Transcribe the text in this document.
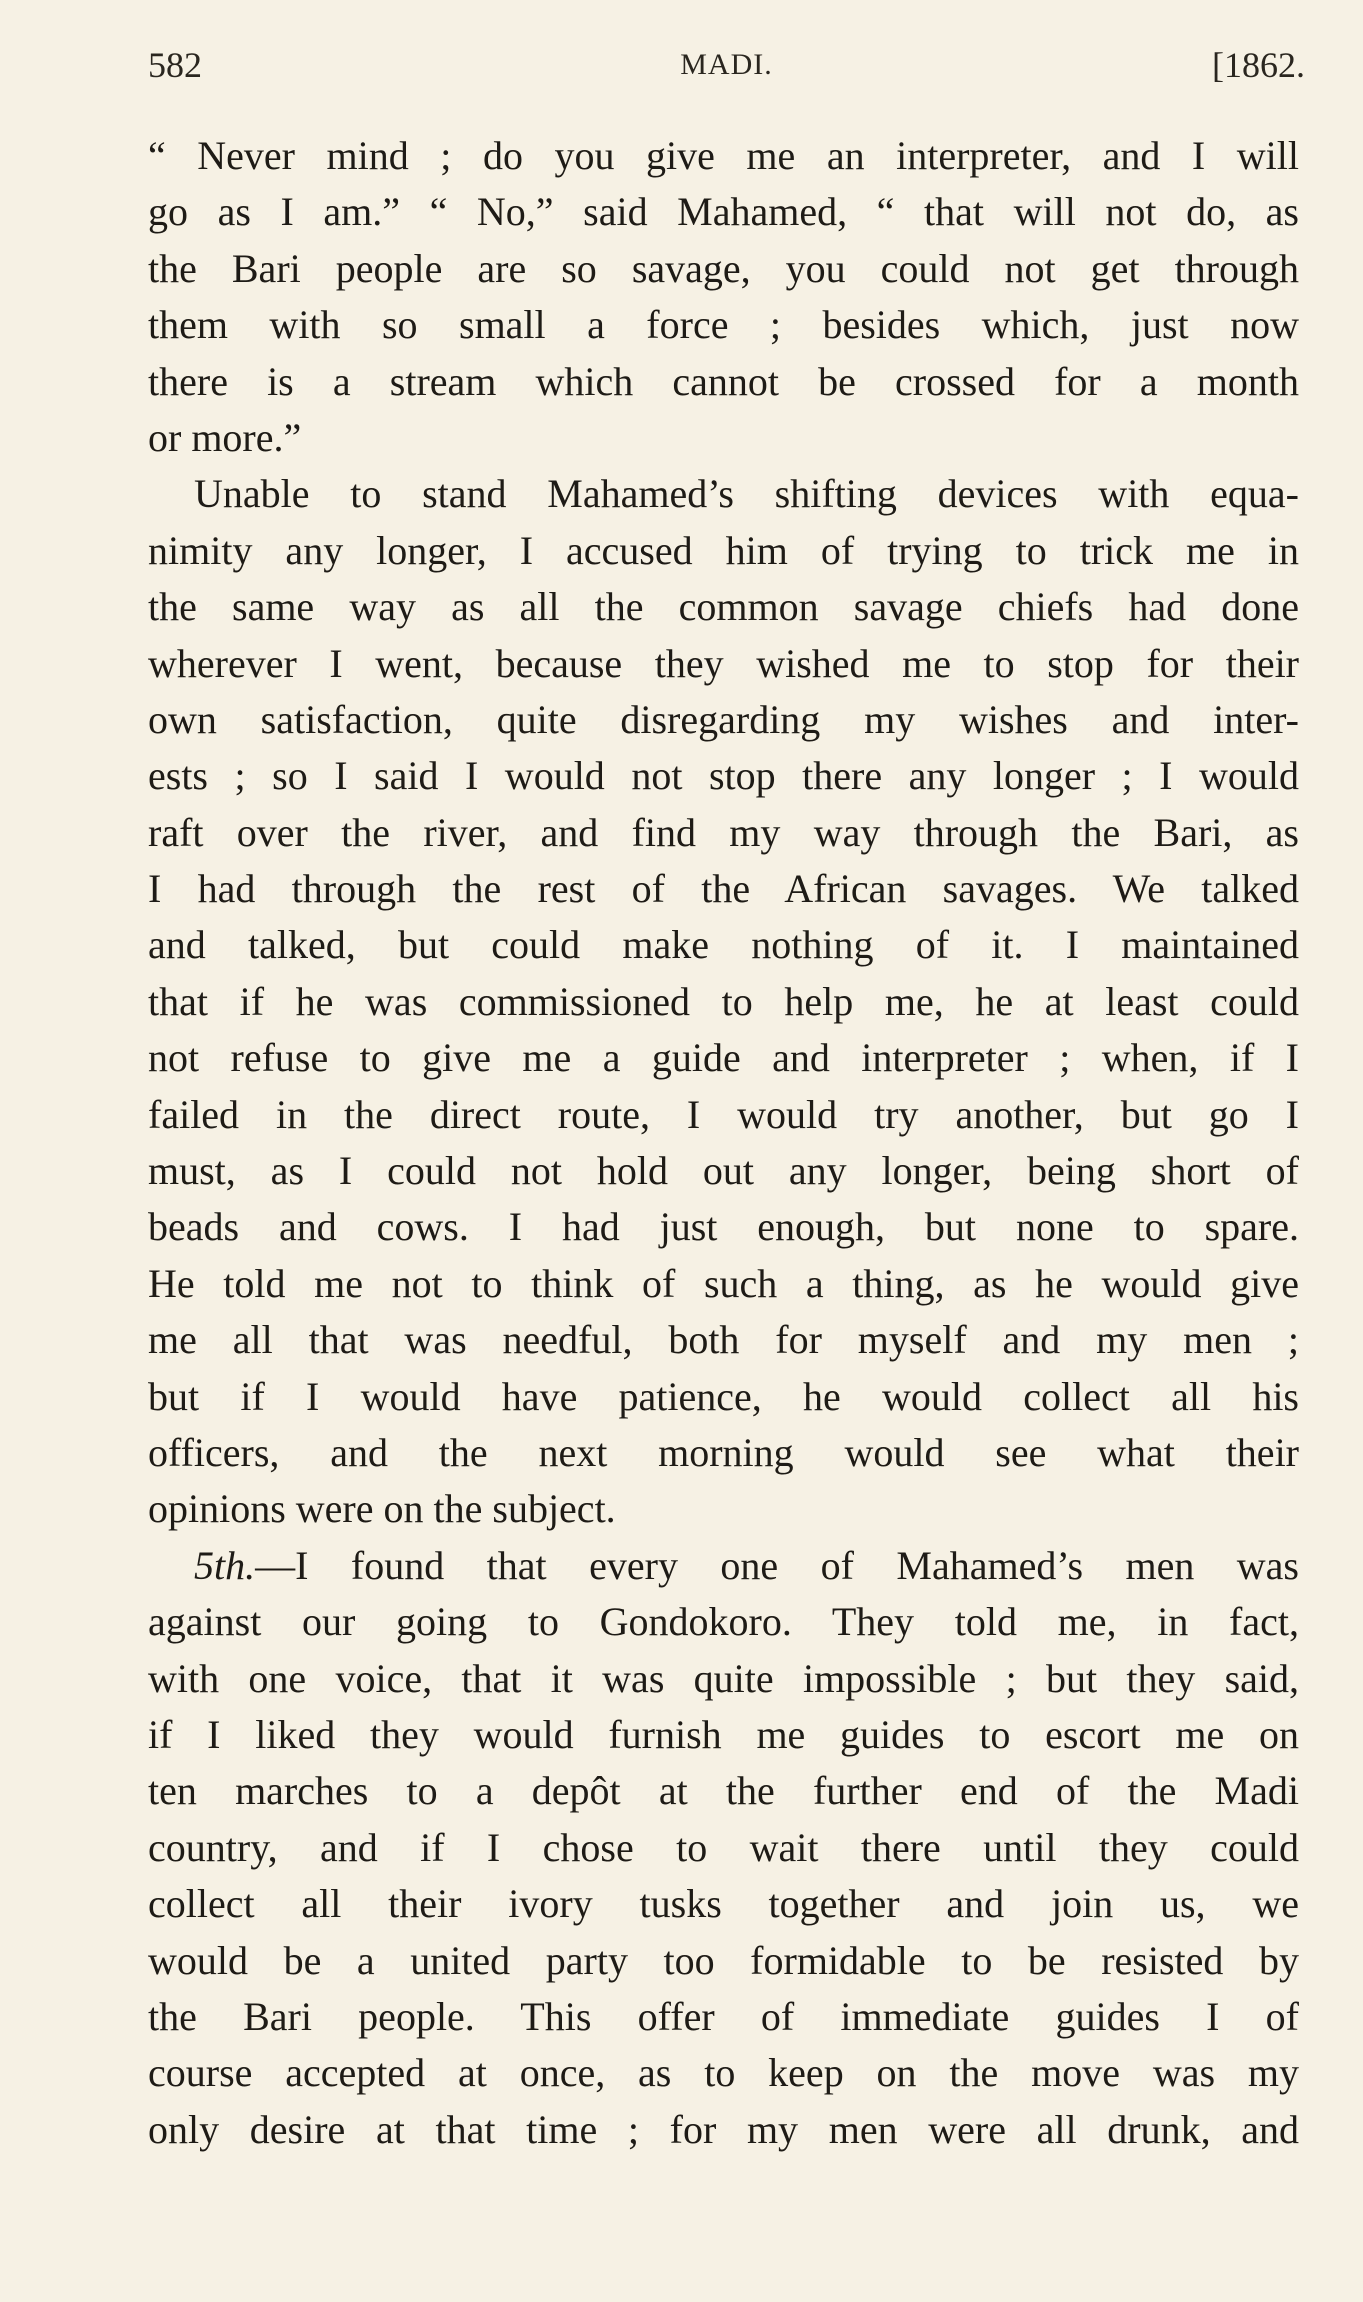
582	MADI.	[1862.
“ Never mind ; do you give me an interpreter, and I will
go as I am.” “ No,” said Mahamed, “ that will not do, as
the Bari people are so savage, you could not get through
them with so small a force ; besides which, just now
there is a stream which cannot be crossed for a month
or more.”
Unable to stand Mahamed’s shifting devices with equa-
nimity any longer, I accused him of trying to trick me in
the same way as all the common savage chiefs had done
wherever I went, because they wished me to stop for their
own satisfaction, quite disregarding my wishes and inter-
ests ; so I said I would not stop there any longer ; I would
raft over the river, and find my way through the Bari, as
I had through the rest of the African savages. We talked
and talked, but could make nothing of it. I maintained
that if he was commissioned to help me, he at least could
not refuse to give me a guide and interpreter ; when, if I
failed in the direct route, I would try another, but go I
must, as I could not hold out any longer, being short of
beads and cows. I had just enough, but none to spare.
He told me not to think of such a thing, as he would give
me all that was needful, both for myself and my men ;
but if I would have patience, he would collect all his
officers, and the next morning would see what their
opinions were on the subject.
5th.—I found that every one of Mahamed’s men was
against our going to Gondokoro. They told me, in fact,
with one voice, that it was quite impossible ; but they said,
if I liked they would furnish me guides to escort me on
ten marches to a depôt at the further end of the Madi
country, and if I chose to wait there until they could
collect all their ivory tusks together and join us, we
would be a united party too formidable to be resisted by
the Bari people. This offer of immediate guides I of
course accepted at once, as to keep on the move was my
only desire at that time ; for my men were all drunk, and
